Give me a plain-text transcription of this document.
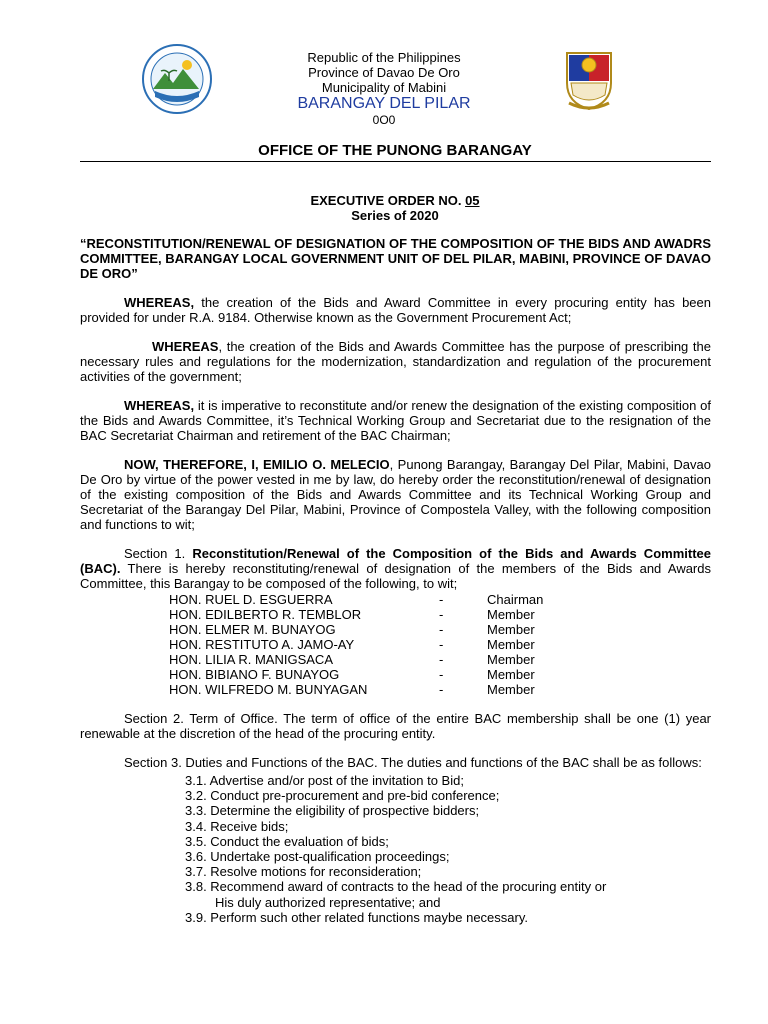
Republic of the Philippines
Province of Davao De Oro
Municipality of Mabini
BARANGAY DEL PILAR
0O0
OFFICE OF THE PUNONG BARANGAY
EXECUTIVE ORDER NO. 05
Series of 2020
“RECONSTITUTION/RENEWAL OF DESIGNATION OF THE COMPOSITION OF THE BIDS AND AWADRS COMMITTEE, BARANGAY LOCAL GOVERNMENT UNIT OF DEL PILAR, MABINI, PROVINCE OF DAVAO DE ORO”

WHEREAS, the creation of the Bids and Award Committee in every procuring entity has been provided for under R.A. 9184. Otherwise known as the Government Procurement Act;

WHEREAS, the creation of the Bids and Awards Committee has the purpose of prescribing the necessary rules and regulations for the modernization, standardization and regulation of the procurement activities of the government;

WHEREAS, it is imperative to reconstitute and/or renew the designation of the existing composition of the Bids and Awards Committee, it’s Technical Working Group and Secretariat due to the resignation of the BAC Secretariat Chairman and retirement of the BAC Chairman;

NOW, THEREFORE, I, EMILIO O. MELECIO, Punong Barangay, Barangay Del Pilar, Mabini, Davao De Oro by virtue of the power vested in me by law, do hereby order the reconstitution/renewal of designation of the existing composition of the Bids and Awards Committee and its Technical Working Group and Secretariat of the Barangay Del Pilar, Mabini, Province of Compostela Valley, with the following composition and functions to wit;

Section 1. Reconstitution/Renewal of the Composition of the Bids and Awards Committee (BAC). There is hereby reconstituting/renewal of designation of the members of the Bids and Awards Committee, this Barangay to be composed of the following, to wit;

HON. RUEL D. ESGUERRA	-	Chairman
HON. EDILBERTO R. TEMBLOR	-	Member
HON. ELMER M. BUNAYOG	-	Member
HON. RESTITUTO A. JAMO-AY	-	Member
HON. LILIA R. MANIGSACA	-	Member
HON. BIBIANO F. BUNAYOG	-	Member
HON. WILFREDO M. BUNYAGAN	-	Member

Section 2. Term of Office. The term of office of the entire BAC membership shall be one (1) year renewable at the discretion of the head of the procuring entity.

Section 3. Duties and Functions of the BAC. The duties and functions of the BAC shall be as follows:

3.1. Advertise and/or post of the invitation to Bid;
3.2. Conduct pre-procurement and pre-bid conference;
3.3. Determine the eligibility of prospective bidders;
3.4. Receive bids;
3.5. Conduct the evaluation of bids;
3.6. Undertake post-qualification proceedings;
3.7. Resolve motions for reconsideration;
3.8. Recommend award of contracts to the head of the procuring entity or
His duly authorized representative; and
3.9. Perform such other related functions maybe necessary.
